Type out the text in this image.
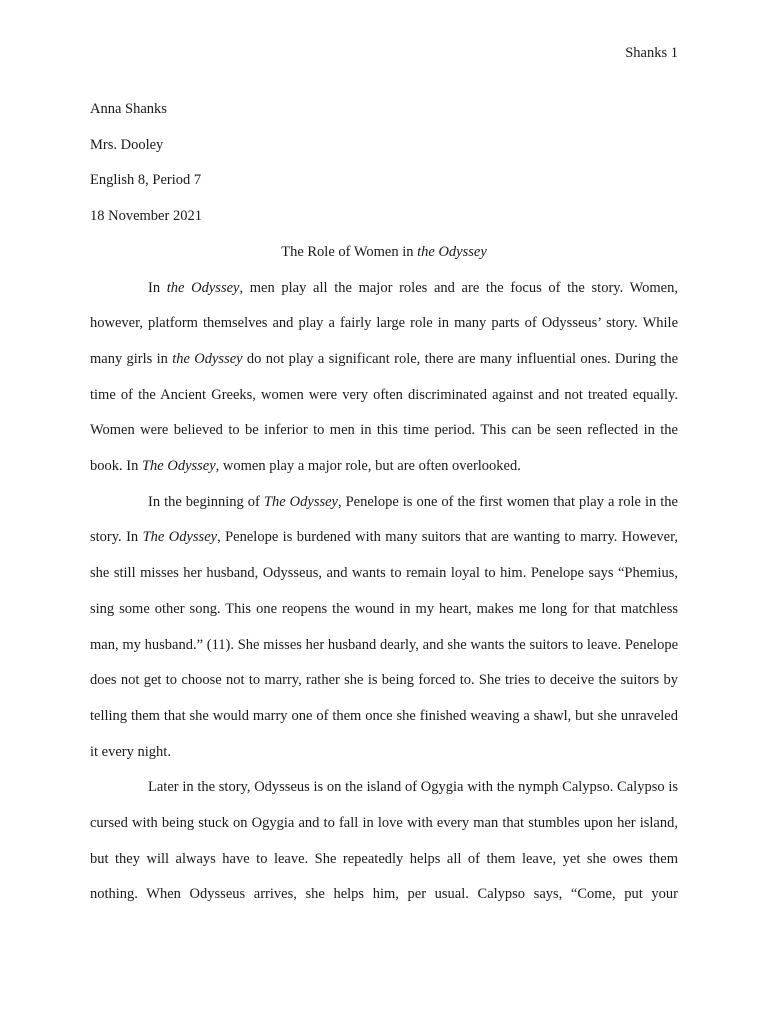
Shanks 1

Anna Shanks

Mrs. Dooley

English 8, Period 7

18 November 2021

The Role of Women in the Odyssey

In the Odyssey, men play all the major roles and are the focus of the story. Women, however, platform themselves and play a fairly large role in many parts of Odysseus’ story. While many girls in the Odyssey do not play a significant role, there are many influential ones. During the time of the Ancient Greeks, women were very often discriminated against and not treated equally. Women were believed to be inferior to men in this time period. This can be seen reflected in the book. In The Odyssey, women play a major role, but are often overlooked.

In the beginning of The Odyssey, Penelope is one of the first women that play a role in the story. In The Odyssey, Penelope is burdened with many suitors that are wanting to marry. However, she still misses her husband, Odysseus, and wants to remain loyal to him. Penelope says “Phemius, sing some other song. This one reopens the wound in my heart, makes me long for that matchless man, my husband.” (11). She misses her husband dearly, and she wants the suitors to leave. Penelope does not get to choose not to marry, rather she is being forced to. She tries to deceive the suitors by telling them that she would marry one of them once she finished weaving a shawl, but she unraveled it every night.

Later in the story, Odysseus is on the island of Ogygia with the nymph Calypso. Calypso is cursed with being stuck on Ogygia and to fall in love with every man that stumbles upon her island, but they will always have to leave. She repeatedly helps all of them leave, yet she owes them nothing. When Odysseus arrives, she helps him, per usual. Calypso says, “Come, put your
